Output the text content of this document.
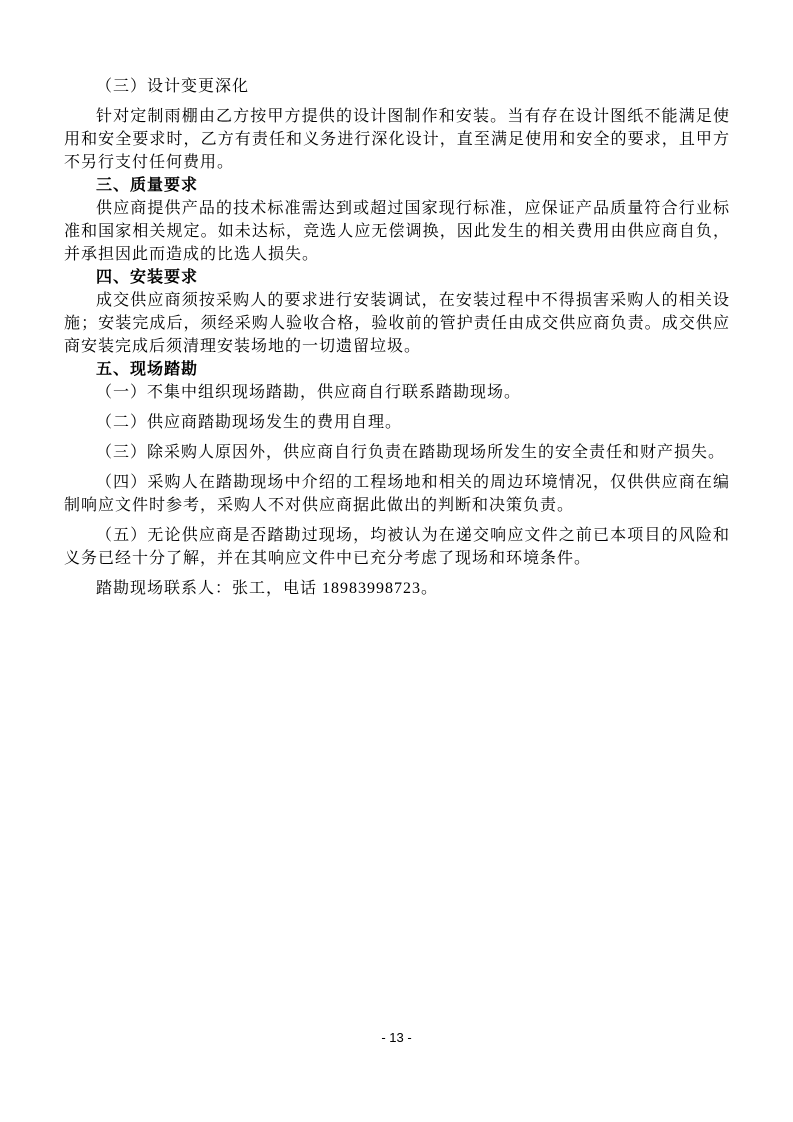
（三）设计变更深化

针对定制雨棚由乙方按甲方提供的设计图制作和安装。当有存在设计图纸不能满足使用和安全要求时，乙方有责任和义务进行深化设计，直至满足使用和安全的要求，且甲方不另行支付任何费用。

三、质量要求

供应商提供产品的技术标准需达到或超过国家现行标准，应保证产品质量符合行业标准和国家相关规定。如未达标，竞选人应无偿调换，因此发生的相关费用由供应商自负，并承担因此而造成的比选人损失。

四、安装要求

成交供应商须按采购人的要求进行安装调试，在安装过程中不得损害采购人的相关设施；安装完成后，须经采购人验收合格，验收前的管护责任由成交供应商负责。成交供应商安装完成后须清理安装场地的一切遗留垃圾。

五、现场踏勘

（一）不集中组织现场踏勘，供应商自行联系踏勘现场。

（二）供应商踏勘现场发生的费用自理。

（三）除采购人原因外，供应商自行负责在踏勘现场所发生的安全责任和财产损失。

（四）采购人在踏勘现场中介绍的工程场地和相关的周边环境情况，仅供供应商在编 制响应文件时参考，采购人不对供应商据此做出的判断和决策负责。

（五）无论供应商是否踏勘过现场，均被认为在递交响应文件之前已本项目的风险和义务已经十分了解，并在其响应文件中已充分考虑了现场和环境条件。

踏勘现场联系人：张工，电话 18983998723。

- 13 -
